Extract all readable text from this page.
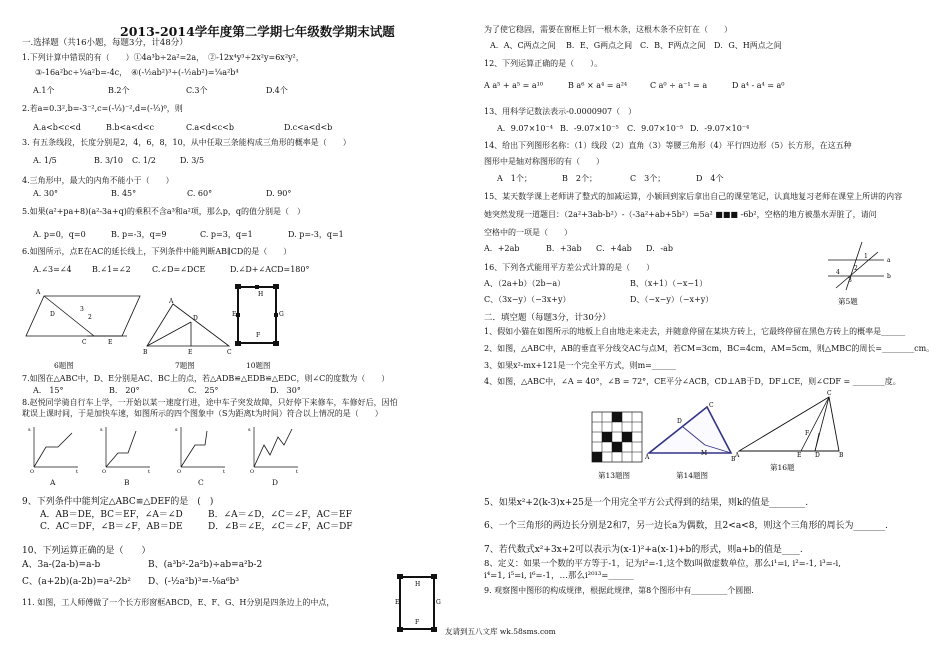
2013-2014学年度第二学期七年级数学期末试题
一.选择题（共16小题，每题3分，计48分）
1.下列计算中错误的有（　　）①4a³b÷2a²=2a，　②-12x⁴y³÷2x²y=6x²y²，
③-16a²bc÷¼a²b=-4c，　④(-½ab²)³÷(-½ab²)=¼a²b⁴
A.1个	B.2个	C.3个	D.4个
2.若a=0.3²,b=-3⁻²,c=(-⅓)⁻²,d=(-⅓)⁰，则
A.a<b<c<d	B.b<a<d<c	C.a<d<c<b	D.c<a<d<b
3. 有五条线段，长度分别是2，4，6，8，10，从中任取三条能构成三角形的概率是（　　）
A. 1/5	B. 3/10 C. 1/2	D. 3/5
4.三角形中，最大的内角不能小于（　　）
A. 30°	B. 45°	C. 60°	D. 90°
5.如果(a²+pa+8)(a²-3a+q)的乘积不含a³和a²项，那么p，q的值分别是（　）
A. p=0，q=0	B. p=-3，q=9	C. p=3，q=1	D. p=-3，q=1
6.如图所示，点E在AC的延长线上，下列条件中能判断AB∥CD的是（　　）
A.∠3=∠4	B.∠1=∠2	C.∠D=∠DCE	D.∠D+∠ACD=180°
A
3
2
D
C	E
A
D
B	E	C
H
E	G
F
6题图	7题图	10题图
7.如图在△ABC中，D、E分别是AC、BC上的点，若△ADB≌△EDB≌△EDC，则∠C的度数为（　　）
A.　15°	B.　20°	C.　25°	D.　30°
8.赵悦同学骑自行车上学，一开始以某一速度行进，途中车子突发故障，只好停下来修车，车修好后，因怕
耽误上课时间，于是加快车速，如图所示的四个图象中（S为距离t为时间）符合以上情况的是（　　）
s
O	t
s
O	t
s
O	t
s
O	t
A	B	C	D
9、下列条件中能判定△ABC≌△DEF的是　(　)
A．AB＝DE，BC＝EF，∠A＝∠D	B．∠A＝∠D，∠C＝∠F，AC＝EF
C．AC＝DF，∠B＝∠F，AB＝DE	D．∠B＝∠E，∠C＝∠F，AC＝DF
10、下列运算正确的是（　　）
A、3a-(2a-b)=a-b	B、(a³b²-2a²b)÷ab=a²b-2
C、(a+2b)(a-2b)=a²-2b² D、(-½a²b)³=-⅛a⁶b³
11. 如图，工人师傅做了一个长方形窗框ABCD，E、F、G、H分别是四条边上的中点，
H
E	G
F
为了使它稳固，需要在窗框上钉一根木条，这根木条不应钉在（　　）
A．A、C两点之间 B．E、G两点之间 C．B、F两点之间 D．G、H两点之间
12、下列运算正确的是（　　）。
A a⁵ + a⁵ = a¹⁰	B a⁶ × a⁴ = a²⁴	C a⁰ ÷ a⁻¹ = a	D a⁴ - a⁴ = a⁰
13、用科学记数法表示-0.0000907（　）
A．9.07×10⁻⁴ B．-9.07×10⁻⁵ C．9.07×10⁻⁵ D．-9.07×10⁻⁴
14、给出下列图形名称：（1）线段（2）直角（3）等腰三角形（4）平行四边形（5）长方形，在这五种
图形中是轴对称图形的有（　　）
A　1个；	B　2个；	C　3个；	D　4个
15、某天数学课上老师讲了整式的加减运算，小颖回到家后拿出自己的课堂笔记，认真地复习老师在课堂上所讲的内容
她突然发现一道题目：（2a²+3ab-b²）-（-3a²+ab+5b²）=5a² ■■■ -6b²，空格的地方被墨水弄脏了，请问
空格中的一项是（　　）
A．+2ab	B．+3ab C．+4ab D．-ab
a
b
4
2
1
3
第5题
16、下列各式能用平方差公式计算的是（　　）
A、（2a+b）（2b−a）	B、（x+1）（−x−1）
C、（3x−y）（−3x+y）	D、（−x−y）（−x+y）
二．填空题（每题3分，计30分）
1、假如小猫在如图所示的地板上自由地走来走去，并随意停留在某块方砖上，它最终停留在黑色方砖上的概率是______
2、如图，△ABC中，AB的垂直平分线交AC与点M，若CM=3cm，BC=4cm，AM=5cm，则△MBC的周长=________cm。
3、如果x²-mx+121是一个完全平方式，则m=______
4、如图，△ABC中，∠A = 40°，∠B = 72°，CE平分∠ACB，CD⊥AB于D，DF⊥CE，则∠CDF = ________度。
C
D
A
M
B
C
A
F
B
E D
第13题图	第14题图
第16题
5、如果x²+2(k-3)x+25是一个用完全平方公式得到的结果，则k的值是________.
6、一个三角形的两边长分别是2和7，另一边长a为偶数，且2<a<8，则这个三角形的周长为_______.
7、若代数式x²+3x+2可以表示为(x-1)²+a(x-1)+b的形式，则a+b的值是____.
8、定义：如果一个数的平方等于-1，记为i²=-1,这个数i叫做虚数单位，那么i¹=i, i²=-1, i³=-i,
i⁴=1, i⁵=i, i⁶=-1，…那么i²⁰¹³=______
9. 观察图中图形的构成规律，根据此规律，第8个图形中有_________个圆圈.
友请到五八文库 wk.58sms.com
